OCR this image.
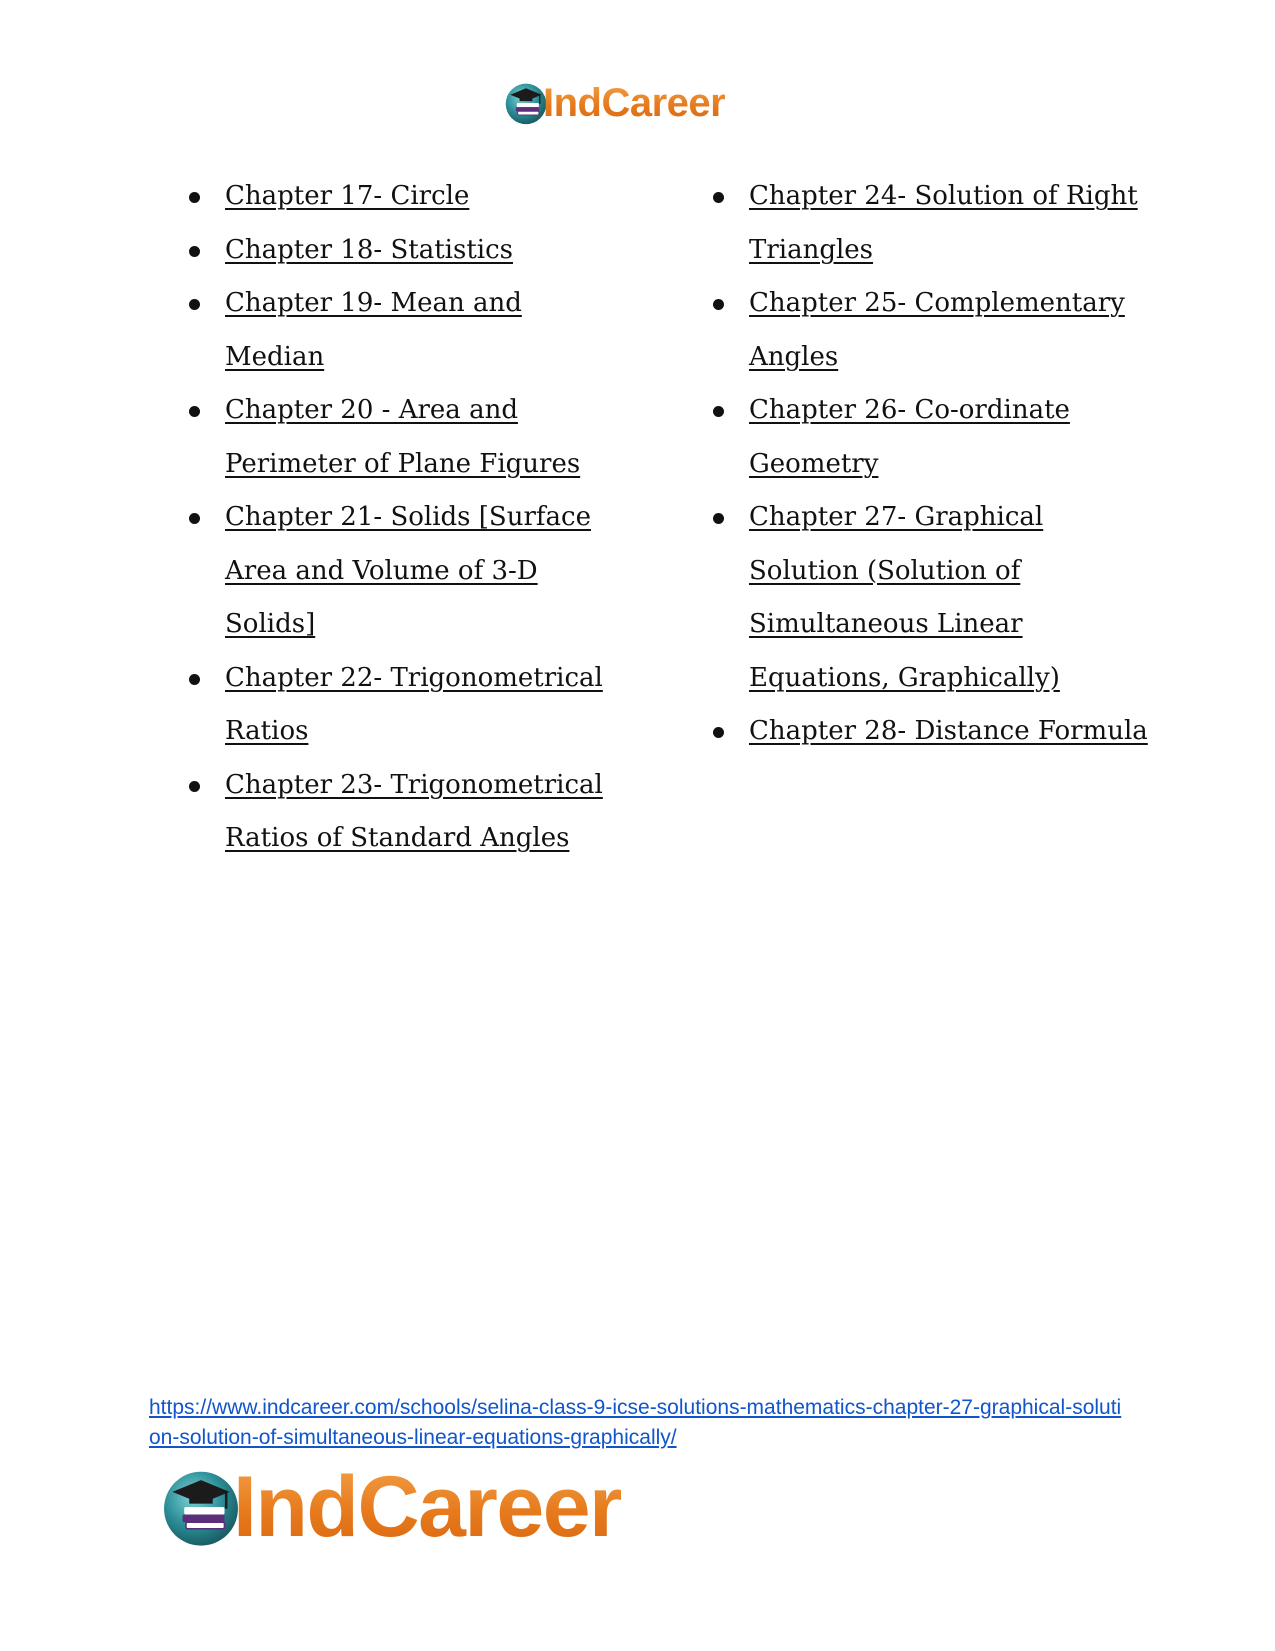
IndCareer
Chapter 17- Circle
Chapter 18- Statistics
Chapter 19- Mean and Median
Chapter 20 - Area and Perimeter of Plane Figures
Chapter 21- Solids [Surface Area and Volume of 3-D Solids]
Chapter 22- Trigonometrical Ratios
Chapter 23- Trigonometrical Ratios of Standard Angles
Chapter 24- Solution of Right Triangles
Chapter 25- Complementary Angles
Chapter 26- Co-ordinate Geometry
Chapter 27- Graphical Solution (Solution of Simultaneous Linear Equations, Graphically)
Chapter 28- Distance Formula
https://www.indcareer.com/schools/selina-class-9-icse-solutions-mathematics-chapter-27-graphical-solution-solution-of-simultaneous-linear-equations-graphically/
IndCareer
